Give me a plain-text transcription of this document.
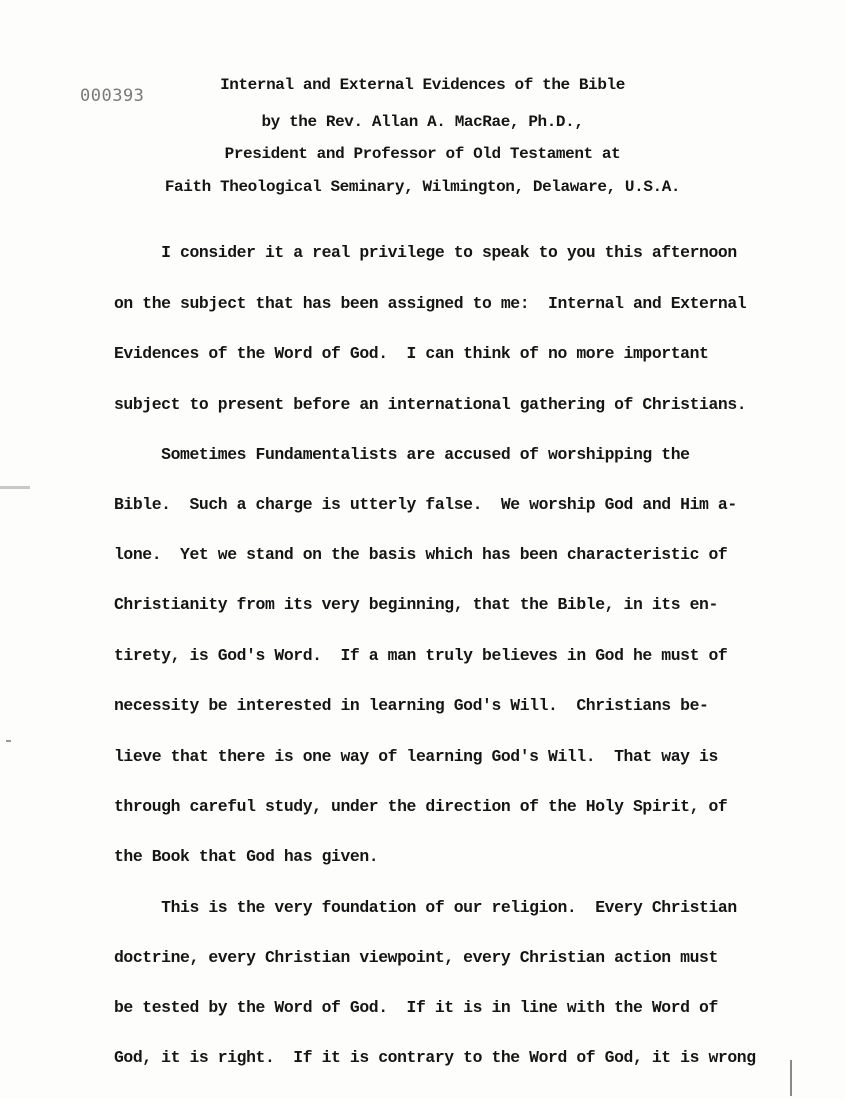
000393
Internal and External Evidences of the Bible
by the Rev. Allan A. MacRae, Ph.D.,
President and Professor of Old Testament at
Faith Theological Seminary, Wilmington, Delaware, U.S.A.
I consider it a real privilege to speak to you this afternoon
on the subject that has been assigned to me:  Internal and External
Evidences of the Word of God.  I can think of no more important
subject to present before an international gathering of Christians.
Sometimes Fundamentalists are accused of worshipping the
Bible.  Such a charge is utterly false.  We worship God and Him a-
lone.  Yet we stand on the basis which has been characteristic of
Christianity from its very beginning, that the Bible, in its en-
tirety, is God's Word.  If a man truly believes in God he must of
necessity be interested in learning God's Will.  Christians be-
lieve that there is one way of learning God's Will.  That way is
through careful study, under the direction of the Holy Spirit, of
the Book that God has given.
This is the very foundation of our religion.  Every Christian
doctrine, every Christian viewpoint, every Christian action must
be tested by the Word of God.  If it is in line with the Word of
God, it is right.  If it is contrary to the Word of God, it is wrong
